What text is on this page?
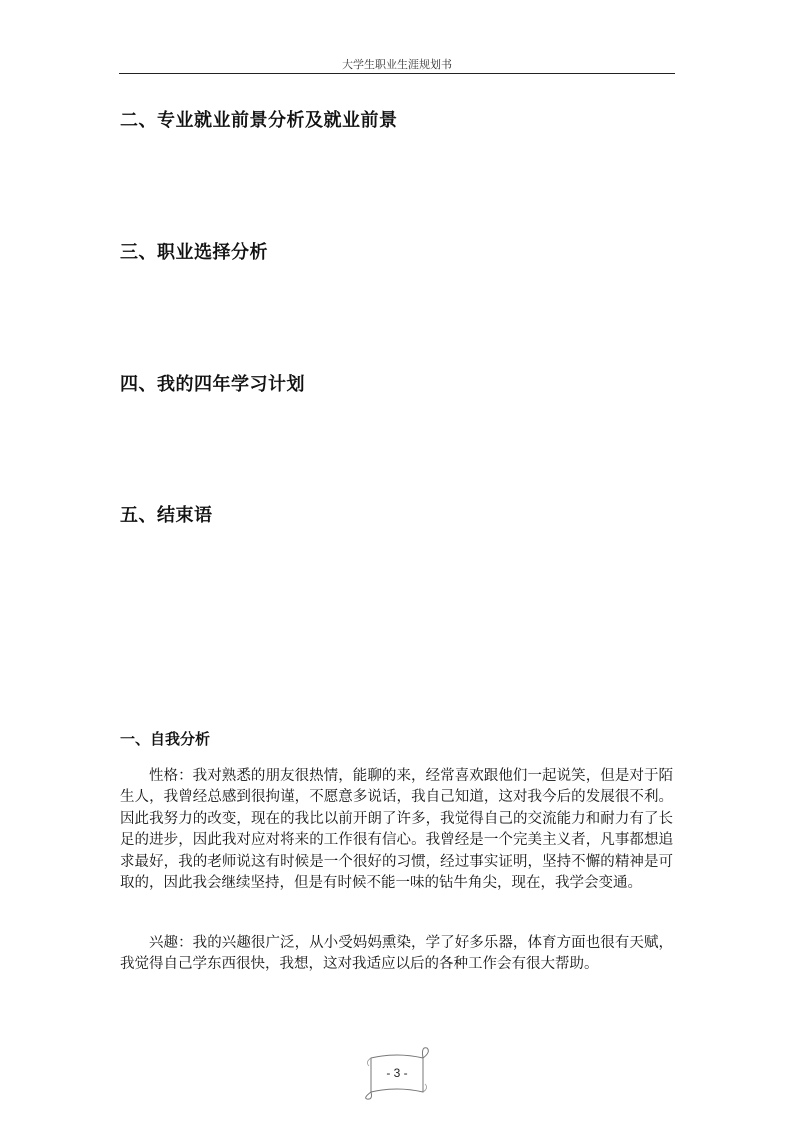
大学生职业生涯规划书
二、专业就业前景分析及就业前景
三、职业选择分析
四、我的四年学习计划
五、结束语
一、自我分析

性格：我对熟悉的朋友很热情，能聊的来，经常喜欢跟他们一起说笑，但是对于陌生人，我曾经总感到很拘谨，不愿意多说话，我自己知道，这对我今后的发展很不利。因此我努力的改变，现在的我比以前开朗了许多，我觉得自己的交流能力和耐力有了长足的进步，因此我对应对将来的工作很有信心。我曾经是一个完美主义者，凡事都想追求最好，我的老师说这有时候是一个很好的习惯，经过事实证明，坚持不懈的精神是可取的，因此我会继续坚持，但是有时候不能一味的钻牛角尖，现在，我学会变通。

兴趣：我的兴趣很广泛，从小受妈妈熏染，学了好多乐器，体育方面也很有天赋，我觉得自己学东西很快，我想，这对我适应以后的各种工作会有很大帮助。

- 3 -
